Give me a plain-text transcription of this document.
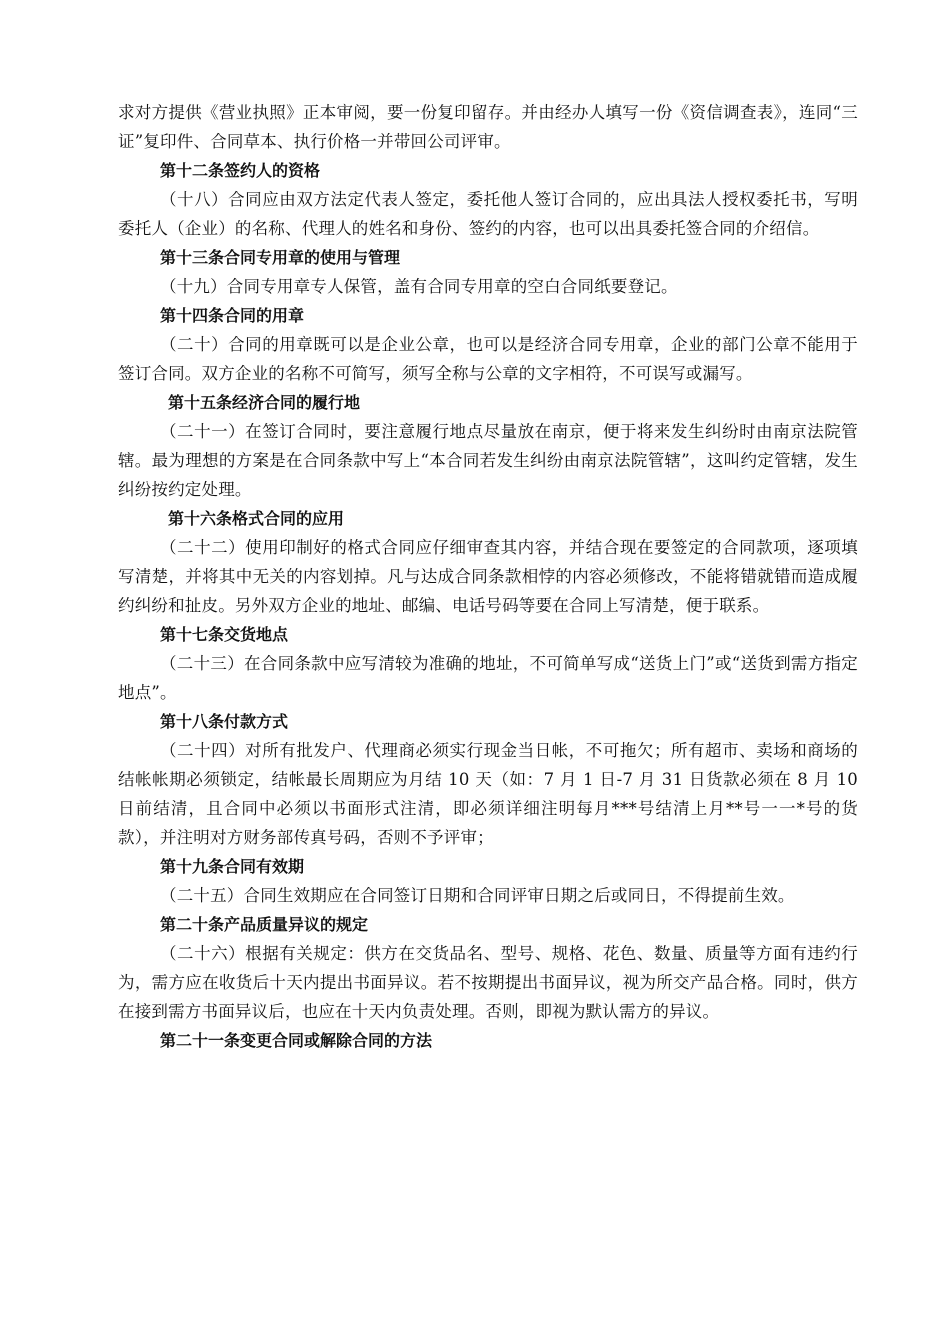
求对方提供《营业执照》正本审阅，要一份复印留存。并由经办人填写一份《资信调查表》，连同“三证”复印件、合同草本、执行价格一并带回公司评审。

第十二条签约人的资格

（十八）合同应由双方法定代表人签定，委托他人签订合同的，应出具法人授权委托书，写明委托人（企业）的名称、代理人的姓名和身份、签约的内容，也可以出具委托签合同的介绍信。

第十三条合同专用章的使用与管理

（十九）合同专用章专人保管，盖有合同专用章的空白合同纸要登记。

第十四条合同的用章

（二十）合同的用章既可以是企业公章，也可以是经济合同专用章，企业的部门公章不能用于签订合同。双方企业的名称不可简写，须写全称与公章的文字相符，不可误写或漏写。

第十五条经济合同的履行地

（二十一）在签订合同时，要注意履行地点尽量放在南京，便于将来发生纠纷时由南京法院管辖。最为理想的方案是在合同条款中写上“本合同若发生纠纷由南京法院管辖”，这叫约定管辖，发生纠纷按约定处理。

第十六条格式合同的应用

（二十二）使用印制好的格式合同应仔细审查其内容，并结合现在要签定的合同款项，逐项填写清楚，并将其中无关的内容划掉。凡与达成合同条款相悖的内容必须修改，不能将错就错而造成履约纠纷和扯皮。另外双方企业的地址、邮编、电话号码等要在合同上写清楚，便于联系。

第十七条交货地点

（二十三）在合同条款中应写清较为准确的地址，不可简单写成“送货上门”或“送货到需方指定地点”。

第十八条付款方式

（二十四）对所有批发户、代理商必须实行现金当日帐，不可拖欠；所有超市、卖场和商场的结帐帐期必须锁定，结帐最长周期应为月结 10 天（如：7 月 1 日-7 月 31 日货款必须在 8 月 10 日前结清，且合同中必须以书面形式注清，即必须详细注明每月***号结清上月**号一一*号的货款），并注明对方财务部传真号码，否则不予评审；

第十九条合同有效期

（二十五）合同生效期应在合同签订日期和合同评审日期之后或同日，不得提前生效。

第二十条产品质量异议的规定

（二十六）根据有关规定：供方在交货品名、型号、规格、花色、数量、质量等方面有违约行为，需方应在收货后十天内提出书面异议。若不按期提出书面异议，视为所交产品合格。同时，供方在接到需方书面异议后，也应在十天内负责处理。否则，即视为默认需方的异议。

第二十一条变更合同或解除合同的方法
